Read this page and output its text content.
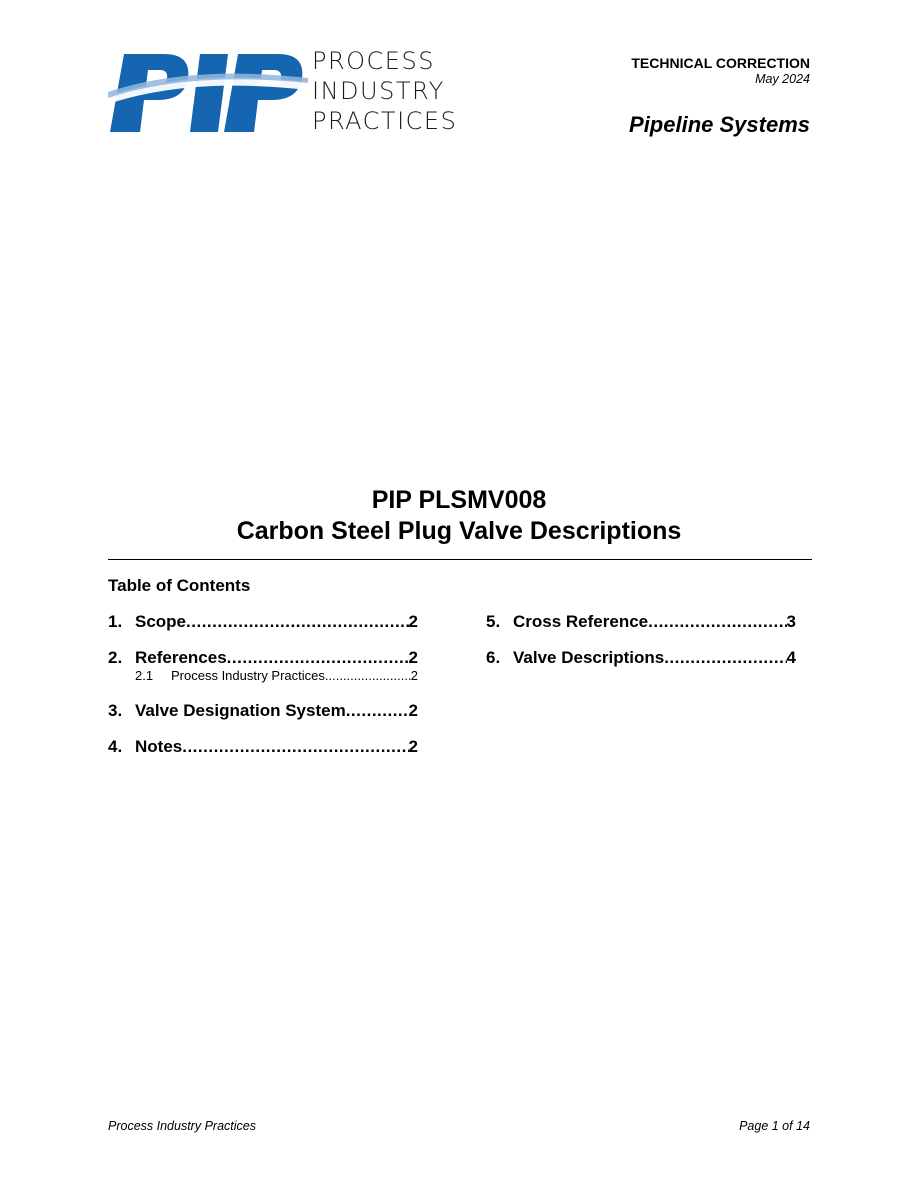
PROCESS
INDUSTRY
PRACTICES
TECHNICAL CORRECTION
May 2024
Pipeline Systems
PIP PLSMV008
Carbon Steel Plug Valve Descriptions
Table of Contents
1. Scope .....	2
2. References .....	2
2.1	Process Industry Practices .....	2
3. Valve Designation System .....	2
4. Notes .....	2
5. Cross Reference .....	3
6. Valve Descriptions .....	4
Process Industry Practices	Page 1 of 14
